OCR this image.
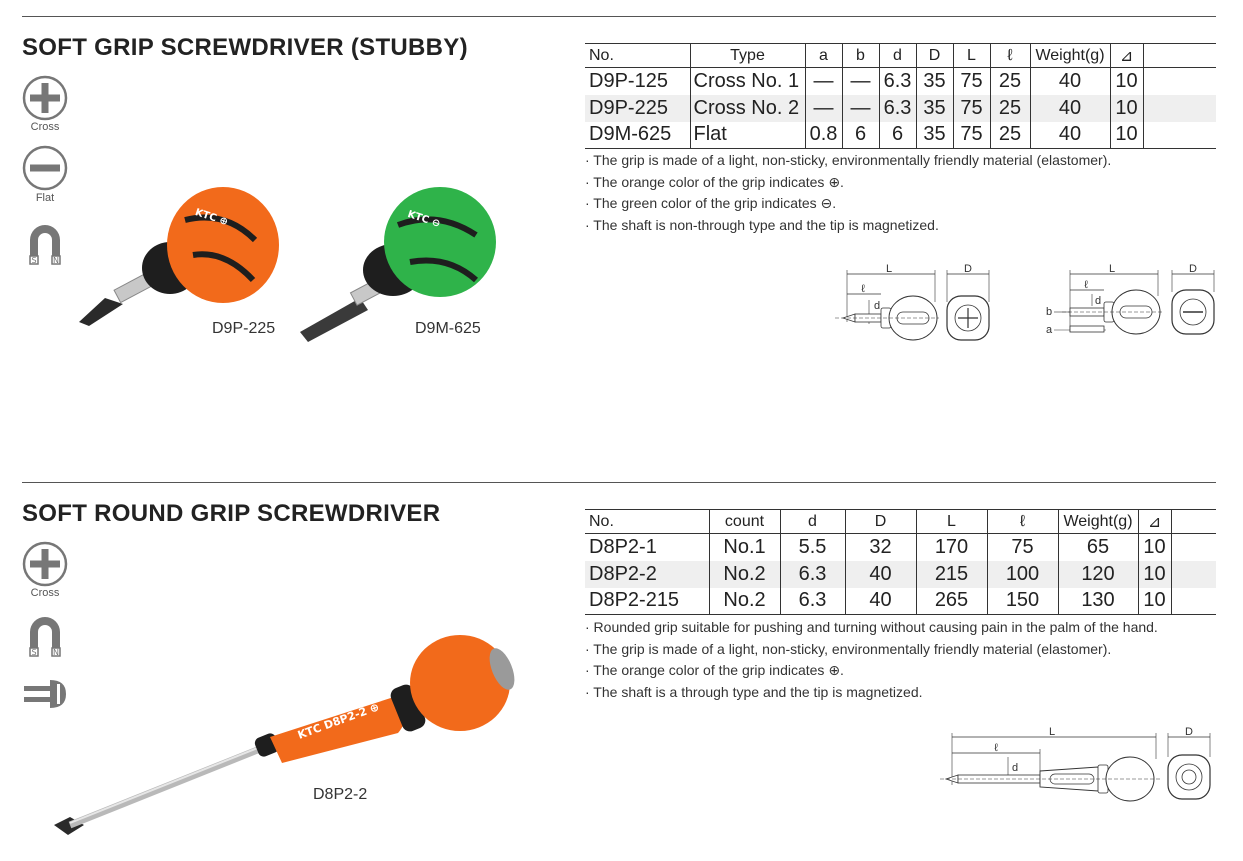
SOFT GRIP SCREWDRIVER (STUBBY)
Cross
Flat
S N
KTC ⊕
D9P-225
KTC ⊖
D9M-625
No.	Type	a	b	d	D	L	ℓ	Weight(g)	⊿	
D9P-125	Cross No. 1	—	—	6.3	35	75	25	40	10	
D9P-225	Cross No. 2	—	—	6.3	35	75	25	40	10	
D9M-625	Flat	0.8	6	6	35	75	25	40	10	
· The grip is made of a light, non-sticky, environmentally friendly material (elastomer).
· The orange color of the grip indicates ⊕.
· The green color of the grip indicates ⊖.
· The shaft is non-through type and the tip is magnetized.
L
ℓ
d
D	L
ℓ
d
b
a
D
SOFT ROUND GRIP SCREWDRIVER
Cross
S N
KTC D8P2-2 ⊕
D8P2-2
No.	count	d	D	L	ℓ	Weight(g)	⊿	
D8P2-1	No.1	5.5	32	170	75	65	10	
D8P2-2	No.2	6.3	40	215	100	120	10	
D8P2-215	No.2	6.3	40	265	150	130	10	
· Rounded grip suitable for pushing and turning without causing pain in the palm of the hand.
· The grip is made of a light, non-sticky, environmentally friendly material (elastomer).
· The orange color of the grip indicates ⊕.
· The shaft is a through type and the tip is magnetized.
L
ℓ
d
D
